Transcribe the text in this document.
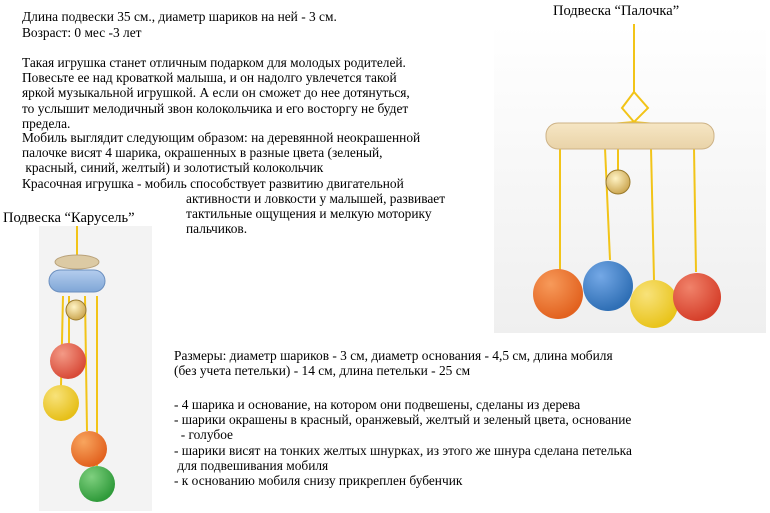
Длина подвески 35 см., диаметр шариков на ней - 3 см.

Возраст: 0 мес -3 лет

Такая игрушка станет отличным подарком для молодых родителей.
Повесьте ее над кроваткой малыша, и он надолго увлечется такой
яркой музыкальной игрушкой. А если он сможет до нее дотянуться,
то услышит мелодичный звон колокольчика и его восторгу не будет
предела.

Мобиль выглядит следующим образом: на деревянной неокрашенной
палочке висят 4 шарика, окрашенных в разные цвета (зеленый,
красный, синий, желтый) и золотистый колокольчик

Красочная игрушка - мобиль способствует развитию двигательной

активности и ловкости у малышей, развивает
тактильные ощущения и мелкую моторику
пальчиков.

Подвеска “Палочка”

Подвеска “Карусель”

Размеры: диаметр шариков - 3 см, диаметр основания - 4,5 см, длина мобиля
(без учета петельки) - 14 см, длина петельки - 25 см

- 4 шарика и основание, на котором они подвешены, сделаны из дерева
- шарики окрашены в красный, оранжевый, желтый и зеленый цвета, основание
- голубое
- шарики висят на тонких желтых шнурках, из этого же шнура сделана петелька
для подвешивания мобиля
- к основанию мобиля снизу прикреплен бубенчик
